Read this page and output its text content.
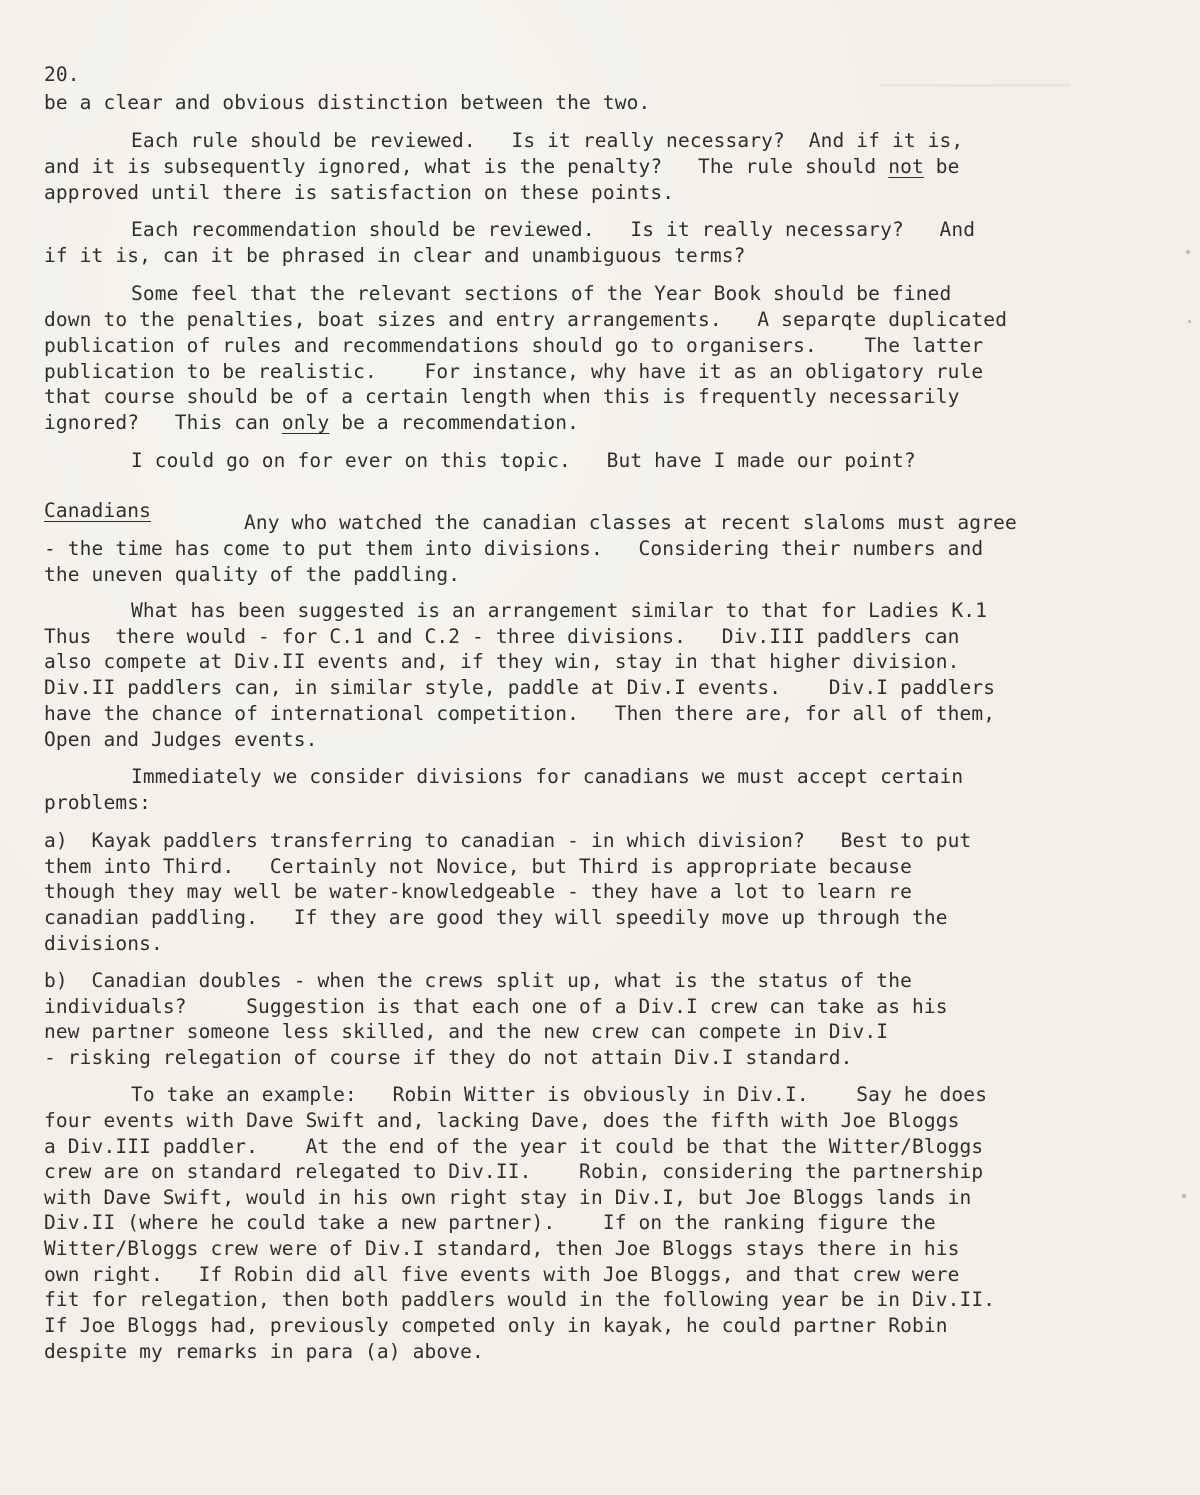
20.
be a clear and obvious distinction between the two.
Each rule should be reviewed.   Is it really necessary?  And if it is,
and it is subsequently ignored, what is the penalty?   The rule should not be
approved until there is satisfaction on these points.
Each recommendation should be reviewed.   Is it really necessary?   And
if it is, can it be phrased in clear and unambiguous terms?
Some feel that the relevant sections of the Year Book should be fined
down to the penalties, boat sizes and entry arrangements.   A separqte duplicated
publication of rules and recommendations should go to organisers.    The latter
publication to be realistic.    For instance, why have it as an obligatory rule
that course should be of a certain length when this is frequently necessarily
ignored?   This can only be a recommendation.
I could go on for ever on this topic.   But have I made our point?
Canadians
Any who watched the canadian classes at recent slaloms must agree
- the time has come to put them into divisions.   Considering their numbers and
the uneven quality of the paddling.
What has been suggested is an arrangement similar to that for Ladies K.1
Thus  there would - for C.1 and C.2 - three divisions.   Div.III paddlers can
also compete at Div.II events and, if they win, stay in that higher division.
Div.II paddlers can, in similar style, paddle at Div.I events.    Div.I paddlers
have the chance of international competition.   Then there are, for all of them,
Open and Judges events.
Immediately we consider divisions for canadians we must accept certain
problems:
a)  Kayak paddlers transferring to canadian - in which division?   Best to put
them into Third.   Certainly not Novice, but Third is appropriate because
though they may well be water-knowledgeable - they have a lot to learn re
canadian paddling.   If they are good they will speedily move up through the
divisions.
b)  Canadian doubles - when the crews split up, what is the status of the
individuals?     Suggestion is that each one of a Div.I crew can take as his
new partner someone less skilled, and the new crew can compete in Div.I
- risking relegation of course if they do not attain Div.I standard.
To take an example:   Robin Witter is obviously in Div.I.    Say he does
four events with Dave Swift and, lacking Dave, does the fifth with Joe Bloggs
a Div.III paddler.    At the end of the year it could be that the Witter/Bloggs
crew are on standard relegated to Div.II.    Robin, considering the partnership
with Dave Swift, would in his own right stay in Div.I, but Joe Bloggs lands in
Div.II (where he could take a new partner).    If on the ranking figure the
Witter/Bloggs crew were of Div.I standard, then Joe Bloggs stays there in his
own right.   If Robin did all five events with Joe Bloggs, and that crew were
fit for relegation, then both paddlers would in the following year be in Div.II.
If Joe Bloggs had, previously competed only in kayak, he could partner Robin
despite my remarks in para (a) above.
